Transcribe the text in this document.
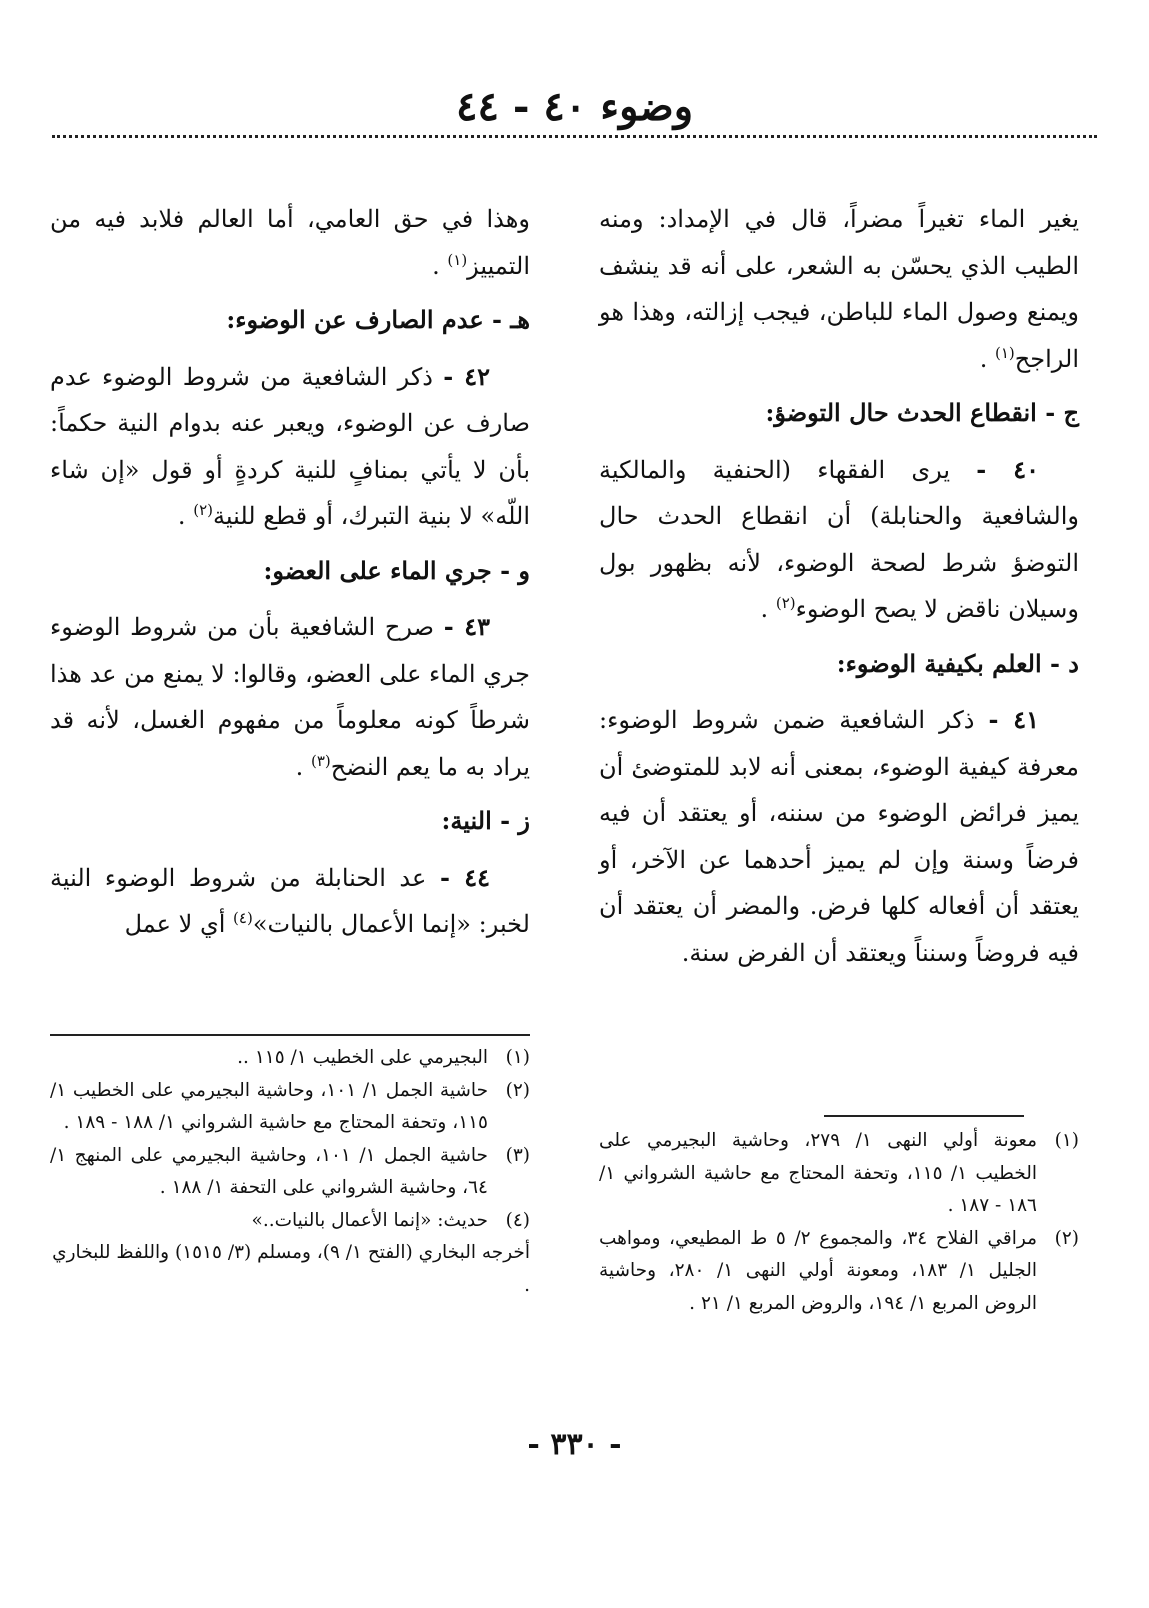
وضوء ٤٠ - ٤٤

يغير الماء تغيراً مضراً، قال في الإمداد: ومنه الطيب الذي يحسّن به الشعر، على أنه قد ينشف ويمنع وصول الماء للباطن، فيجب إزالته، وهذا هو الراجح$^{(١)}$ .

ج - انقطاع الحدث حال التوضؤ:

٤٠ - يرى الفقهاء (الحنفية والمالكية والشافعية والحنابلة) أن انقطاع الحدث حال التوضؤ شرط لصحة الوضوء، لأنه بظهور بول وسيلان ناقض لا يصح الوضوء$^{(٢)}$ .

د - العلم بكيفية الوضوء:

٤١ - ذكر الشافعية ضمن شروط الوضوء: معرفة كيفية الوضوء، بمعنى أنه لابد للمتوضئ أن يميز فرائض الوضوء من سننه، أو يعتقد أن فيه فرضاً وسنة وإن لم يميز أحدهما عن الآخر، أو يعتقد أن أفعاله كلها فرض. والمضر أن يعتقد أن فيه فروضاً وسنناً ويعتقد أن الفرض سنة.

(١)
معونة أولي النهى ١/ ٢٧٩، وحاشية البجيرمي على الخطيب ١/ ١١٥، وتحفة المحتاج مع حاشية الشرواني ١/ ١٨٦ - ١٨٧ .
(٢)
مراقي الفلاح ٣٤، والمجموع ٢/ ٥ ط المطيعي، ومواهب الجليل ١/ ١٨٣، ومعونة أولي النهى ١/ ٢٨٠، وحاشية الروض المربع ١/ ١٩٤، والروض المربع ١/ ٢١ .

وهذا في حق العامي، أما العالم فلابد فيه من التمييز$^{(١)}$ .

هـ - عدم الصارف عن الوضوء:

٤٢ - ذكر الشافعية من شروط الوضوء عدم صارف عن الوضوء، ويعبر عنه بدوام النية حكماً: بأن لا يأتي بمنافٍ للنية كردةٍ أو قول «إن شاء اللّه» لا بنية التبرك، أو قطع للنية$^{(٢)}$ .

و - جري الماء على العضو:

٤٣ - صرح الشافعية بأن من شروط الوضوء جري الماء على العضو، وقالوا: لا يمنع من عد هذا شرطاً كونه معلوماً من مفهوم الغسل، لأنه قد يراد به ما يعم النضح$^{(٣)}$ .

ز - النية:

٤٤ - عد الحنابلة من شروط الوضوء النية لخبر: «إنما الأعمال بالنيات»$^{(٤)}$ أي لا عمل

(١)
البجيرمي على الخطيب ١/ ١١٥ ..
(٢)
حاشية الجمل ١/ ١٠١، وحاشية البجيرمي على الخطيب ١/ ١١٥، وتحفة المحتاج مع حاشية الشرواني ١/ ١٨٨ - ١٨٩ .
(٣)
حاشية الجمل ١/ ١٠١، وحاشية البجيرمي على المنهج ١/ ٦٤، وحاشية الشرواني على التحفة ١/ ١٨٨ .
(٤)
حديث: «إنما الأعمال بالنيات..»

أخرجه البخاري (الفتح ١/ ٩)، ومسلم (٣/ ١٥١٥) واللفظ للبخاري .

- ٣٣٠ -
